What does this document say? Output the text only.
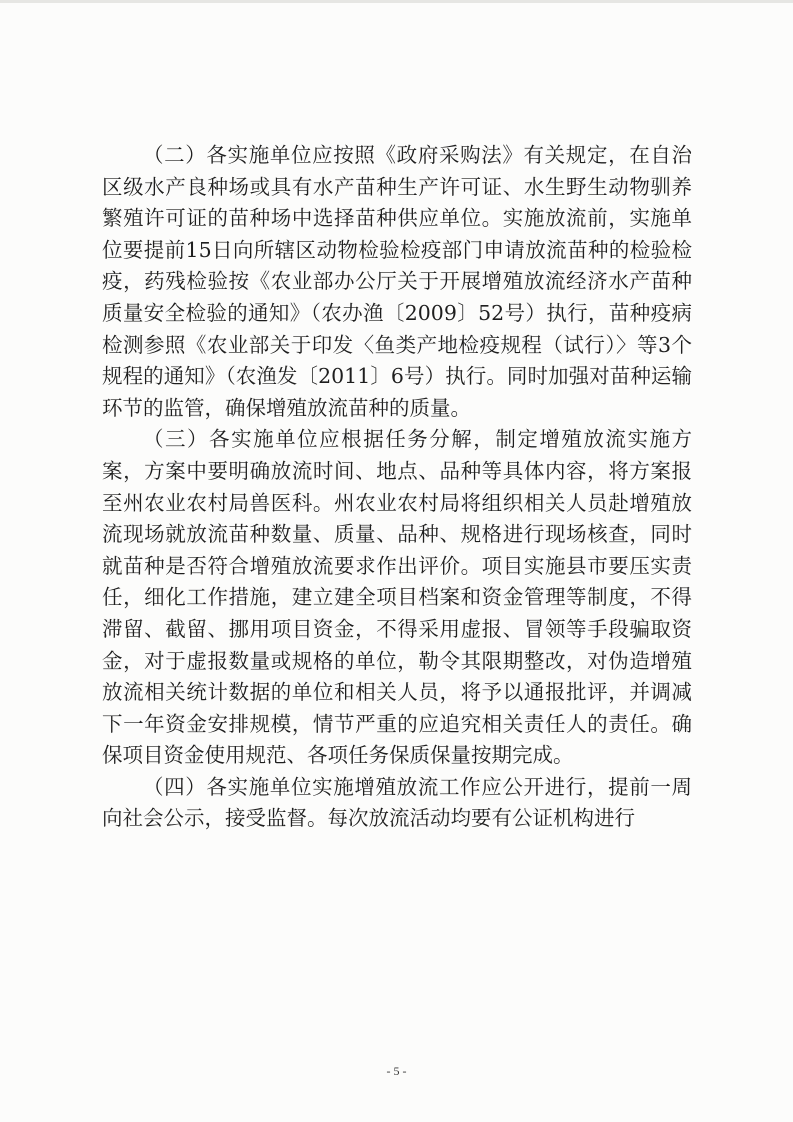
（二）各实施单位应按照《政府采购法》有关规定，在自治区级水产良种场或具有水产苗种生产许可证、水生野生动物驯养繁殖许可证的苗种场中选择苗种供应单位。实施放流前，实施单位要提前15日向所辖区动物检验检疫部门申请放流苗种的检验检疫，药残检验按《农业部办公厅关于开展增殖放流经济水产苗种质量安全检验的通知》（农办渔〔2009〕52号）执行，苗种疫病检测参照《农业部关于印发〈鱼类产地检疫规程（试行）〉等3个规程的通知》（农渔发〔2011〕6号）执行。同时加强对苗种运输环节的监管，确保增殖放流苗种的质量。

（三）各实施单位应根据任务分解，制定增殖放流实施方案，方案中要明确放流时间、地点、品种等具体内容，将方案报至州农业农村局兽医科。州农业农村局将组织相关人员赴增殖放流现场就放流苗种数量、质量、品种、规格进行现场核查，同时就苗种是否符合增殖放流要求作出评价。项目实施县市要压实责任，细化工作措施，建立建全项目档案和资金管理等制度，不得滞留、截留、挪用项目资金，不得采用虚报、冒领等手段骗取资金，对于虚报数量或规格的单位，勒令其限期整改，对伪造增殖放流相关统计数据的单位和相关人员，将予以通报批评，并调减下一年资金安排规模，情节严重的应追究相关责任人的责任。确保项目资金使用规范、各项任务保质保量按期完成。

（四）各实施单位实施增殖放流工作应公开进行，提前一周向社会公示，接受监督。每次放流活动均要有公证机构进行

- 5 -
